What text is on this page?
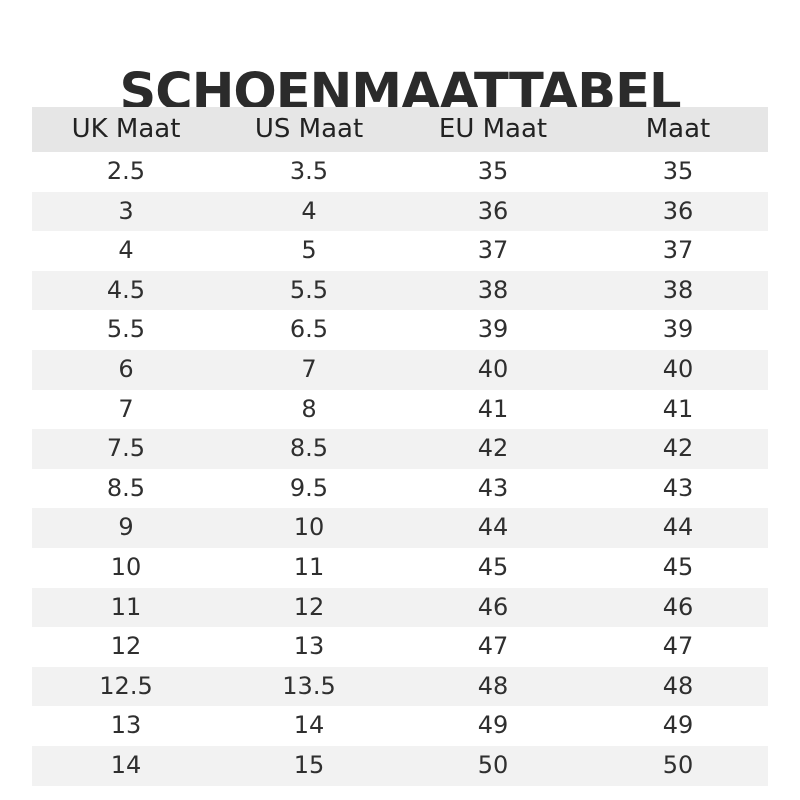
SCHOENMAATTABEL
UK Maat	US Maat	EU Maat	Maat
2.5	3.5	35	35
3	4	36	36
4	5	37	37
4.5	5.5	38	38
5.5	6.5	39	39
6	7	40	40
7	8	41	41
7.5	8.5	42	42
8.5	9.5	43	43
9	10	44	44
10	11	45	45
11	12	46	46
12	13	47	47
12.5	13.5	48	48
13	14	49	49
14	15	50	50
